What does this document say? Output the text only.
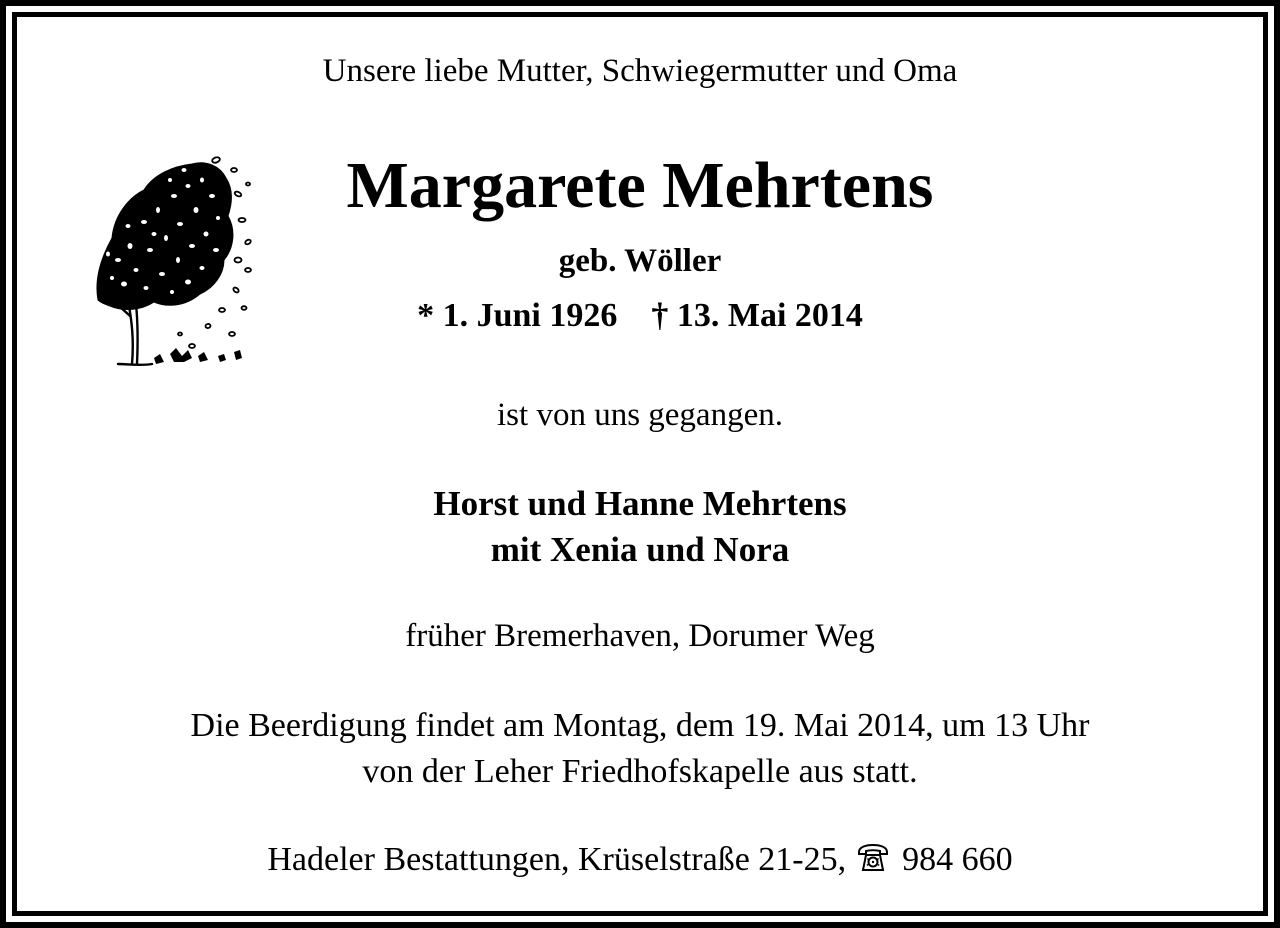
Unsere liebe Mutter, Schwiegermutter und Oma
Margarete Mehrtens
geb. Wöller
* 1. Juni 1926 † 13. Mai 2014
ist von uns gegangen.
Horst und Hanne Mehrtens
mit Xenia und Nora
früher Bremerhaven, Dorumer Weg
Die Beerdigung findet am Montag, dem 19. Mai 2014, um 13 Uhr
von der Leher Friedhofskapelle aus statt.
Hadeler Bestattungen, Krüselstraße 21-25, 984 660
